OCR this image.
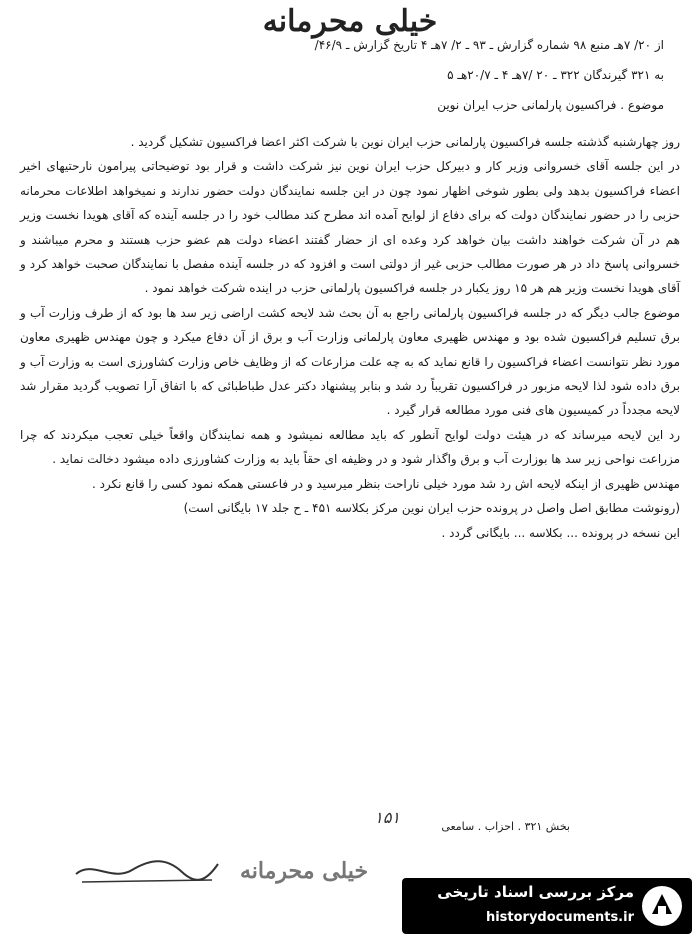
خیلی محرمانه
از ۲۰/ ۷هـ منبع ۹۸ شماره گزارش ـ ۹۳ ـ ۲/ ۷هـ ۴ تاریخ گزارش ـ ۴۶/۹/
به ۳۲۱ گیرندگان ۳۲۲ ـ ۲۰ /۷هـ ۴ ـ ۲۰/۷هـ ۵
موضوع . فراکسیون پارلمانی حزب ایران نوین

روز چهارشنبه گذشته جلسه فراکسیون پارلمانی حزب ایران نوین با شرکت اکثر اعضا فراکسیون تشکیل گردید .

در این جلسه آقای خسروانی وزیر کار و دبیرکل حزب ایران نوین نیز شرکت داشت و قرار بود توضیحاتی پیرامون نارحتیهای اخیر اعضاء فراکسیون بدهد ولی بطور شوخی اظهار نمود چون در این جلسه نمایندگان دولت حضور ندارند و نمیخواهد اطلاعات محرمانه حزبی را در حضور نمایندگان دولت که برای دفاع از لوایح آمده اند مطرح کند مطالب خود را در جلسه آینده که آقای هویدا نخست وزیر هم در آن شرکت خواهند داشت بیان خواهد کرد وعده ای از حضار گفتند اعضاء دولت هم عضو حزب هستند و محرم میباشند و خسروانی پاسخ داد در هر صورت مطالب حزبی غیر از دولتی است و افزود که در جلسه آینده مفصل با نمایندگان صحبت خواهد کرد و آقای هویدا نخست وزیر هم هر ۱۵ روز یکبار در جلسه فراکسیون پارلمانی حزب در اینده شرکت خواهد نمود .

موضوع جالب دیگر که در جلسه فراکسیون پارلمانی راجع به آن بحث شد لایحه کشت اراضی زیر سد ها بود که از طرف وزارت آب و برق تسلیم فراکسیون شده بود و مهندس ظهیری معاون پارلمانی وزارت آب و برق از آن دفاع میکرد و چون مهندس ظهیری معاون مورد نظر نتوانست اعضاء فراکسیون را قانع نماید که به چه علت مزارعات که از وظایف خاص وزارت کشاورزی است به وزارت آب و برق داده شود لذا لایحه مزبور در فراکسیون تقریباً رد شد و بنابر پیشنهاد دکتر عدل طباطبائی که با اتفاق آرا تصویب گردید مقرار شد لایحه مجدداً در کمیسیون های فنی مورد مطالعه قرار گیرد .

رد این لایحه میرساند که در هیئت دولت لوایح آنطور که باید مطالعه نمیشود و همه نمایندگان واقعاً خیلی تعجب میکردند که چرا مزراعت نواحی زیر سد ها بوزارت آب و برق واگذار شود و در وظیفه ای حقاً باید به وزارت کشاورزی داده میشود دخالت نماید .

مهندس ظهیری از اینکه لایحه اش رد شد مورد خیلی ناراحت بنظر میرسید و در فاعستی همکه نمود کسی را قانع نکرد .

(رونوشت مطابق اصل واصل در پرونده حزب ایران نوین مرکز بکلاسه ۴۵۱ ـ ح جلد ۱۷ بایگانی است)

این نسخه در پرونده ... بکلاسه ... بایگانی گردد .

۱۵۱	بخش ۳۲۱ . احزاب . سامعی
خیلی محرمانه
مرکز بررسی اسناد تاریخی
historydocuments.ir
